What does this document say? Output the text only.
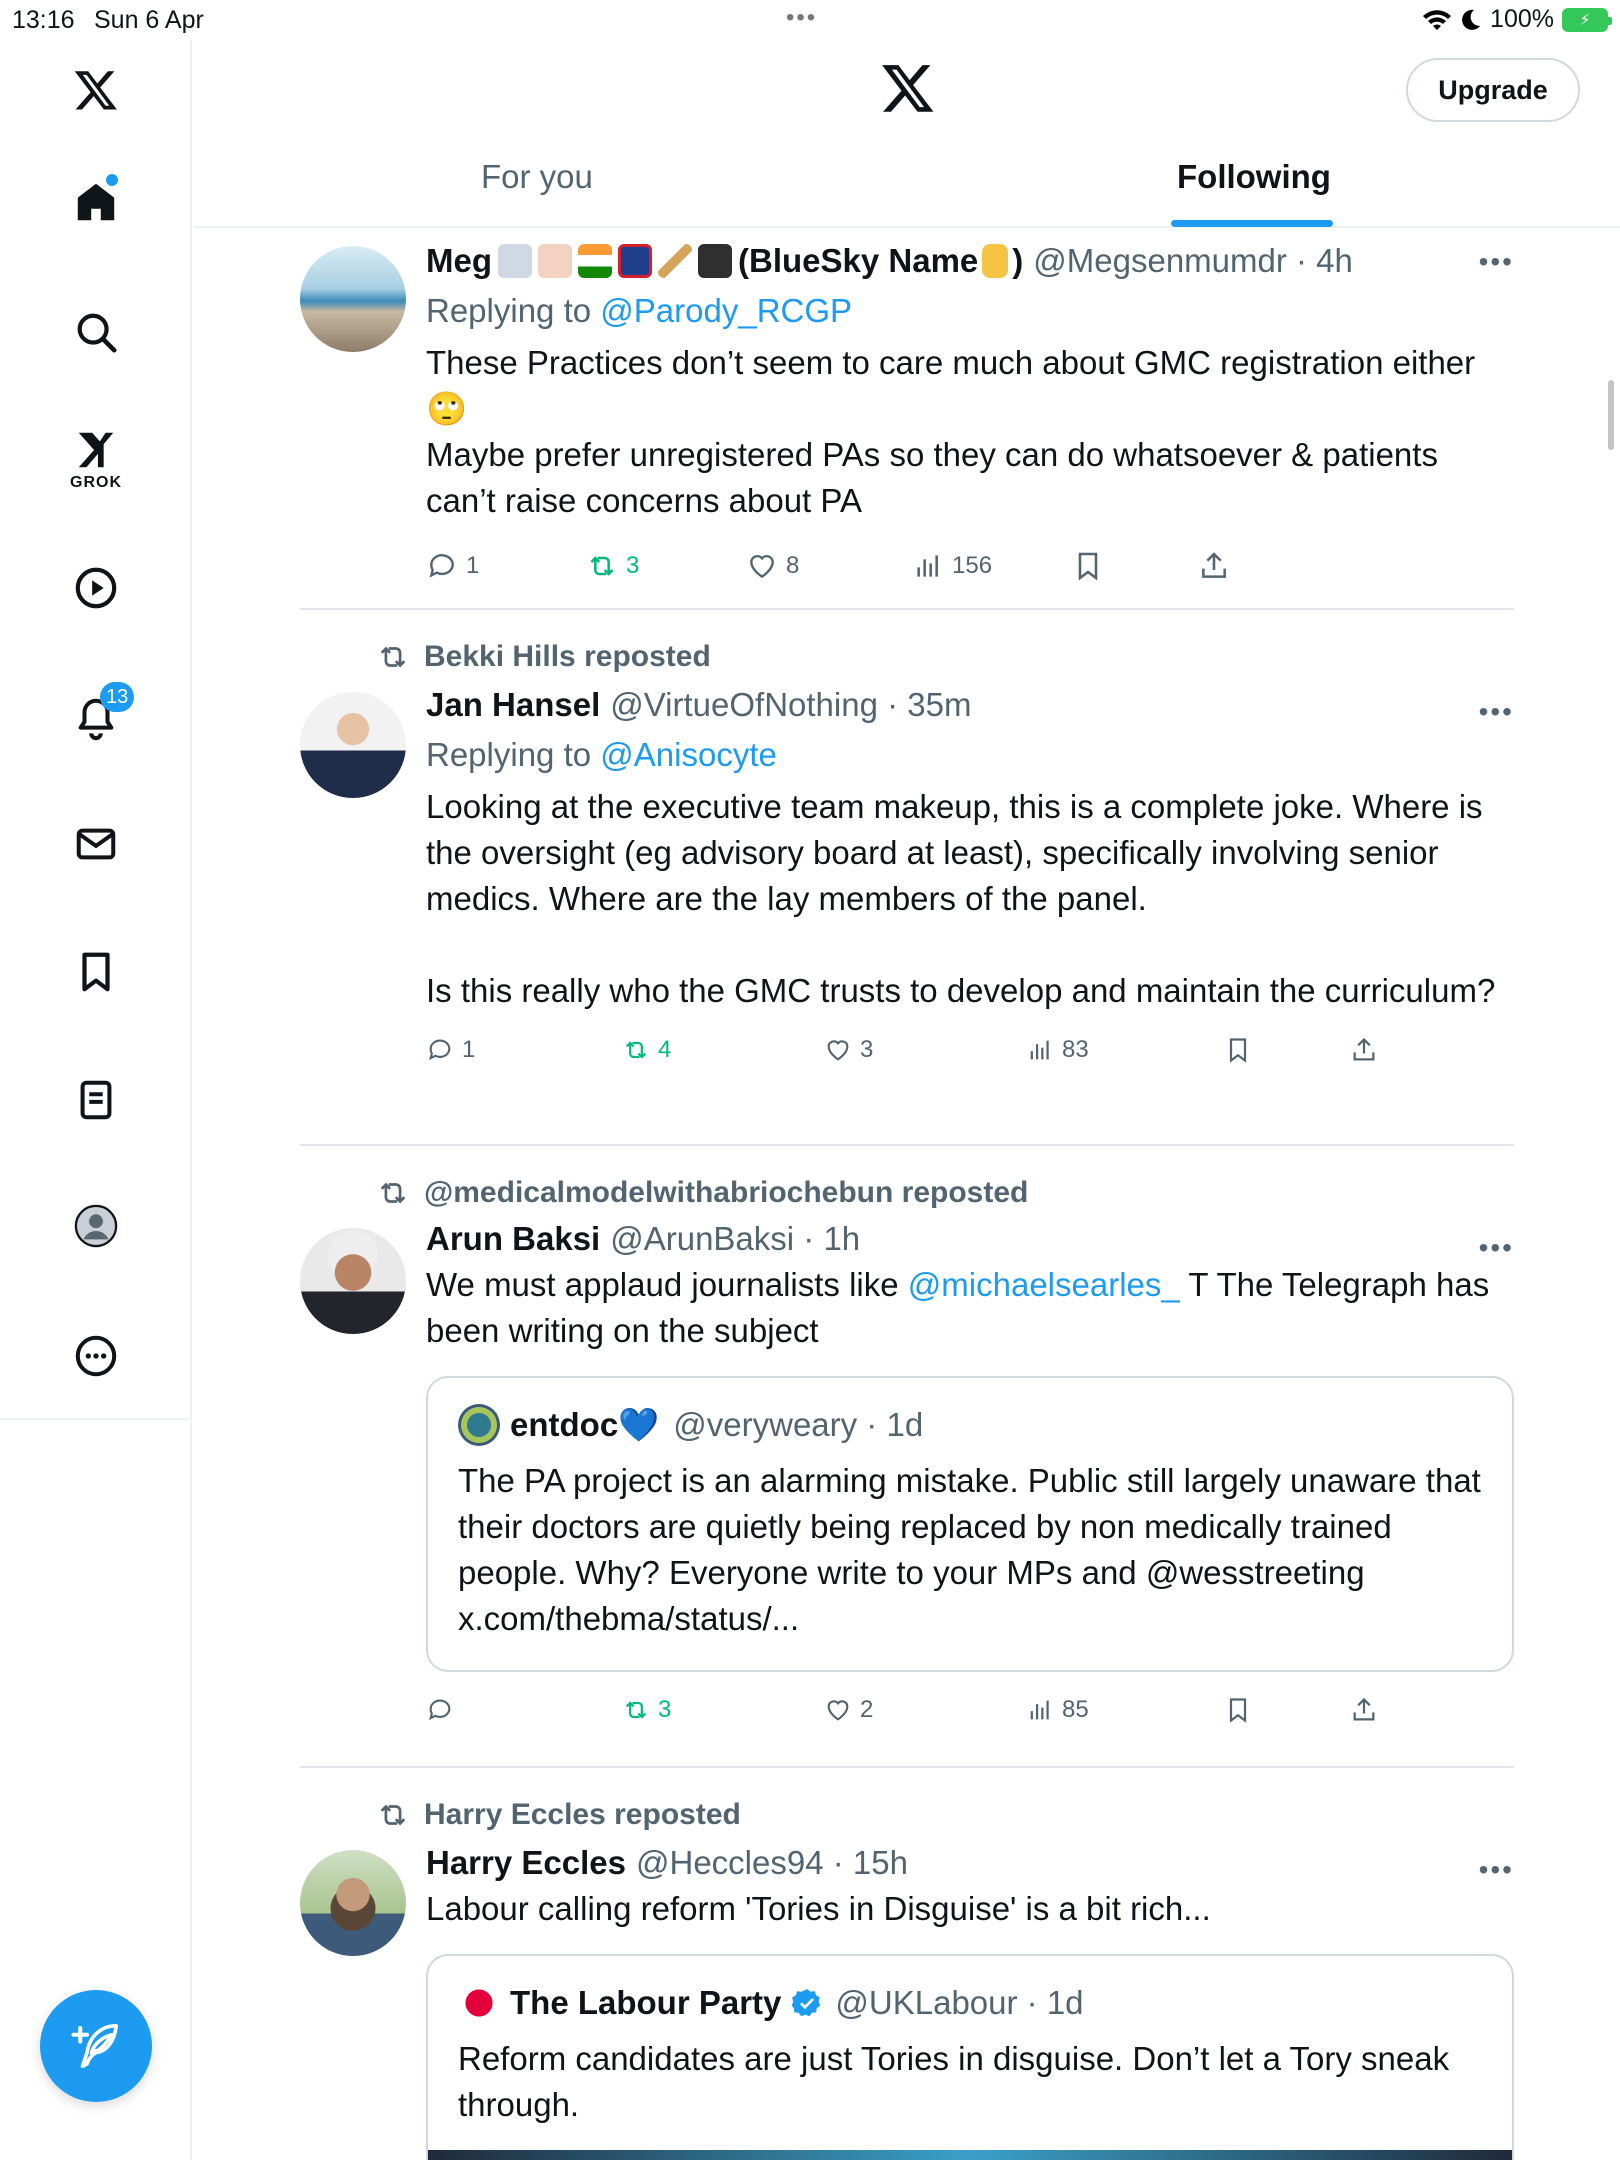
13:16 Sun 6 Apr	•••	100%	⚡
GROK
13
Upgrade
For you	Following
•••
Meg	(BlueSky Name ) @Megsenmumdr · 4h
Replying to @Parody_RCGP
These Practices don’t seem to care much about GMC registration either 🙄
Maybe prefer unregistered PAs so they can do whatsoever & patients can’t raise concerns about PA
1	3	8	156
Bekki Hills reposted
•••
Jan Hansel @VirtueOfNothing · 35m
Replying to @Anisocyte
Looking at the executive team makeup, this is a complete joke. Where is the oversight (eg advisory board at least), specifically involving senior medics. Where are the lay members of the panel.

Is this really who the GMC trusts to develop and maintain the curriculum?
1	4	3	83
@medicalmodelwithabriochebun reposted
•••
Arun Baksi @ArunBaksi · 1h
We must applaud journalists like @michaelsearles_ T The Telegraph has been writing on the subject
entdoc💙 @veryweary · 1d
The PA project is an alarming mistake. Public still largely unaware that their doctors are quietly being replaced by non medically trained people. Why? Everyone write to your MPs and @wesstreeting x.com/thebma/status/...
3	2	85
Harry Eccles reposted
•••
Harry Eccles @Heccles94 · 15h
Labour calling reform 'Tories in Disguise' is a bit rich...
The Labour Party @UKLabour · 1d
Reform candidates are just Tories in disguise. Don’t let a Tory sneak through.
